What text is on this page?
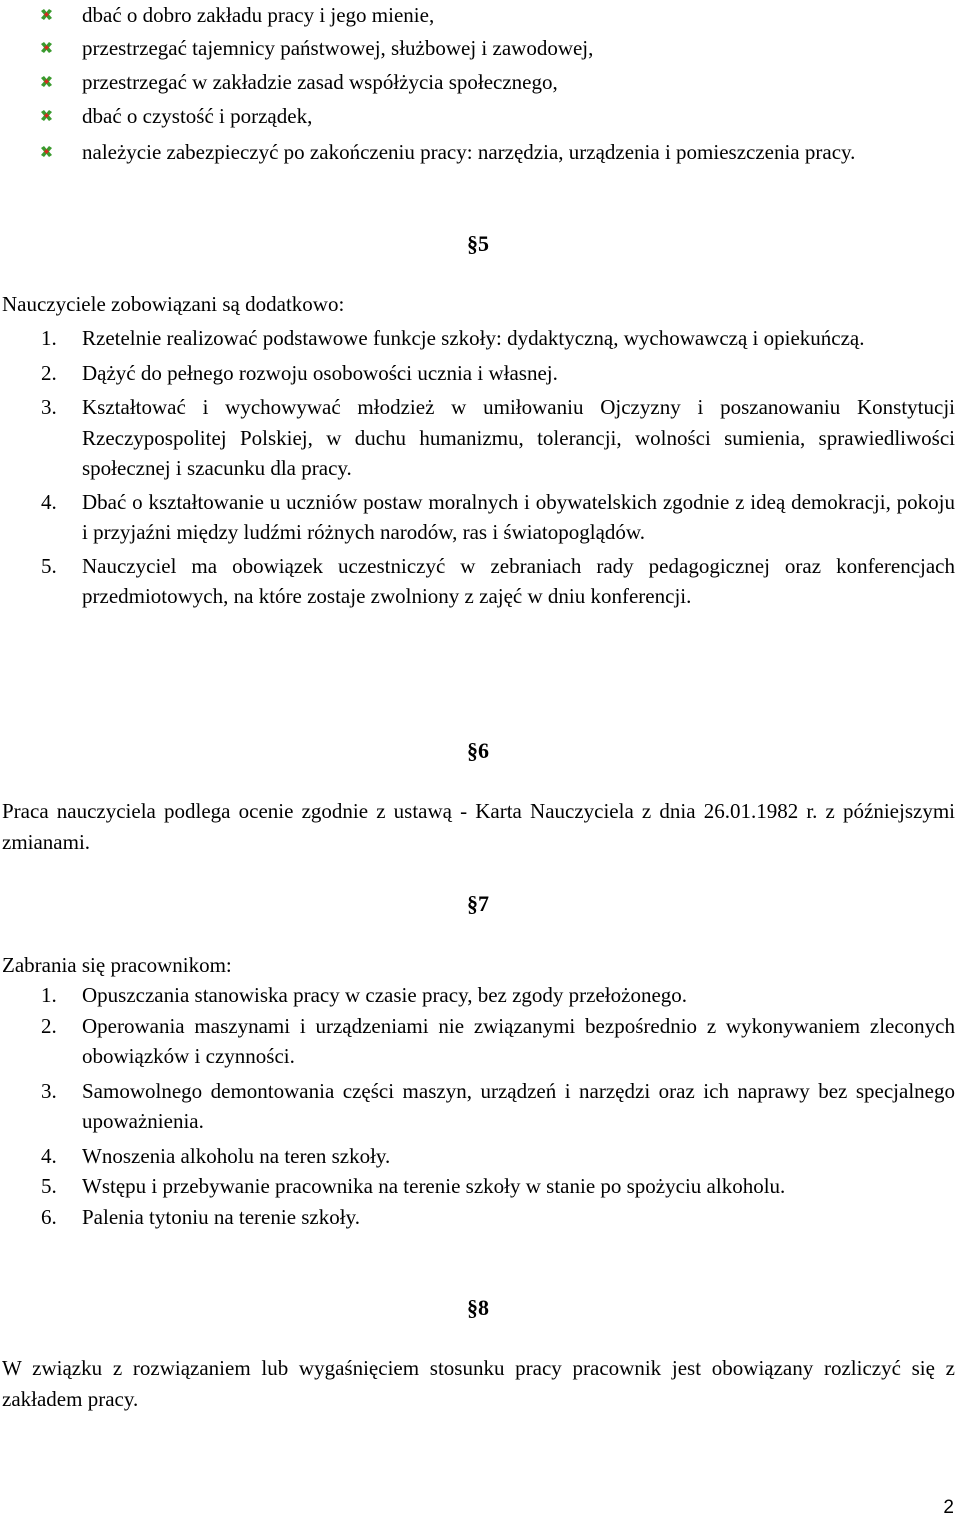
dbać o dobro zakładu pracy i jego mienie,
przestrzegać tajemnicy państwowej, służbowej i zawodowej,
przestrzegać w zakładzie zasad współżycia społecznego,
dbać o czystość i porządek,
należycie zabezpieczyć po zakończeniu pracy: narzędzia, urządzenia i pomieszczenia pracy.
§5
Nauczyciele zobowiązani są dodatkowo:
1. Rzetelnie realizować podstawowe funkcje szkoły: dydaktyczną, wychowawczą i opiekuńczą.
2. Dążyć do pełnego rozwoju osobowości ucznia i własnej.
3. Kształtować i wychowywać młodzież w umiłowaniu Ojczyzny i poszanowaniu Konstytucji Rzeczypospolitej Polskiej, w duchu humanizmu, tolerancji, wolności sumienia, sprawiedliwości społecznej i szacunku dla pracy.
4. Dbać o kształtowanie u uczniów postaw moralnych i obywatelskich zgodnie z ideą demokracji, pokoju i przyjaźni między ludźmi różnych narodów, ras i światopoglądów.
5. Nauczyciel ma obowiązek uczestniczyć w zebraniach rady pedagogicznej oraz konferencjach przedmiotowych, na które zostaje zwolniony z zajęć w dniu konferencji.
§6
Praca nauczyciela podlega ocenie zgodnie z ustawą - Karta Nauczyciela z dnia 26.01.1982 r. z późniejszymi zmianami.
§7
Zabrania się pracownikom:
1. Opuszczania stanowiska pracy w czasie pracy, bez zgody przełożonego.
2. Operowania maszynami i urządzeniami nie związanymi bezpośrednio z wykonywaniem zleconych obowiązków i czynności.
3. Samowolnego demontowania części maszyn, urządzeń i narzędzi oraz ich naprawy bez specjalnego upoważnienia.
4. Wnoszenia alkoholu na teren szkoły.
5. Wstępu i przebywanie pracownika na terenie szkoły w stanie po spożyciu alkoholu.
6. Palenia tytoniu na terenie szkoły.
§8
W związku z rozwiązaniem lub wygaśnięciem stosunku pracy pracownik jest obowiązany rozliczyć się z zakładem pracy.
2
